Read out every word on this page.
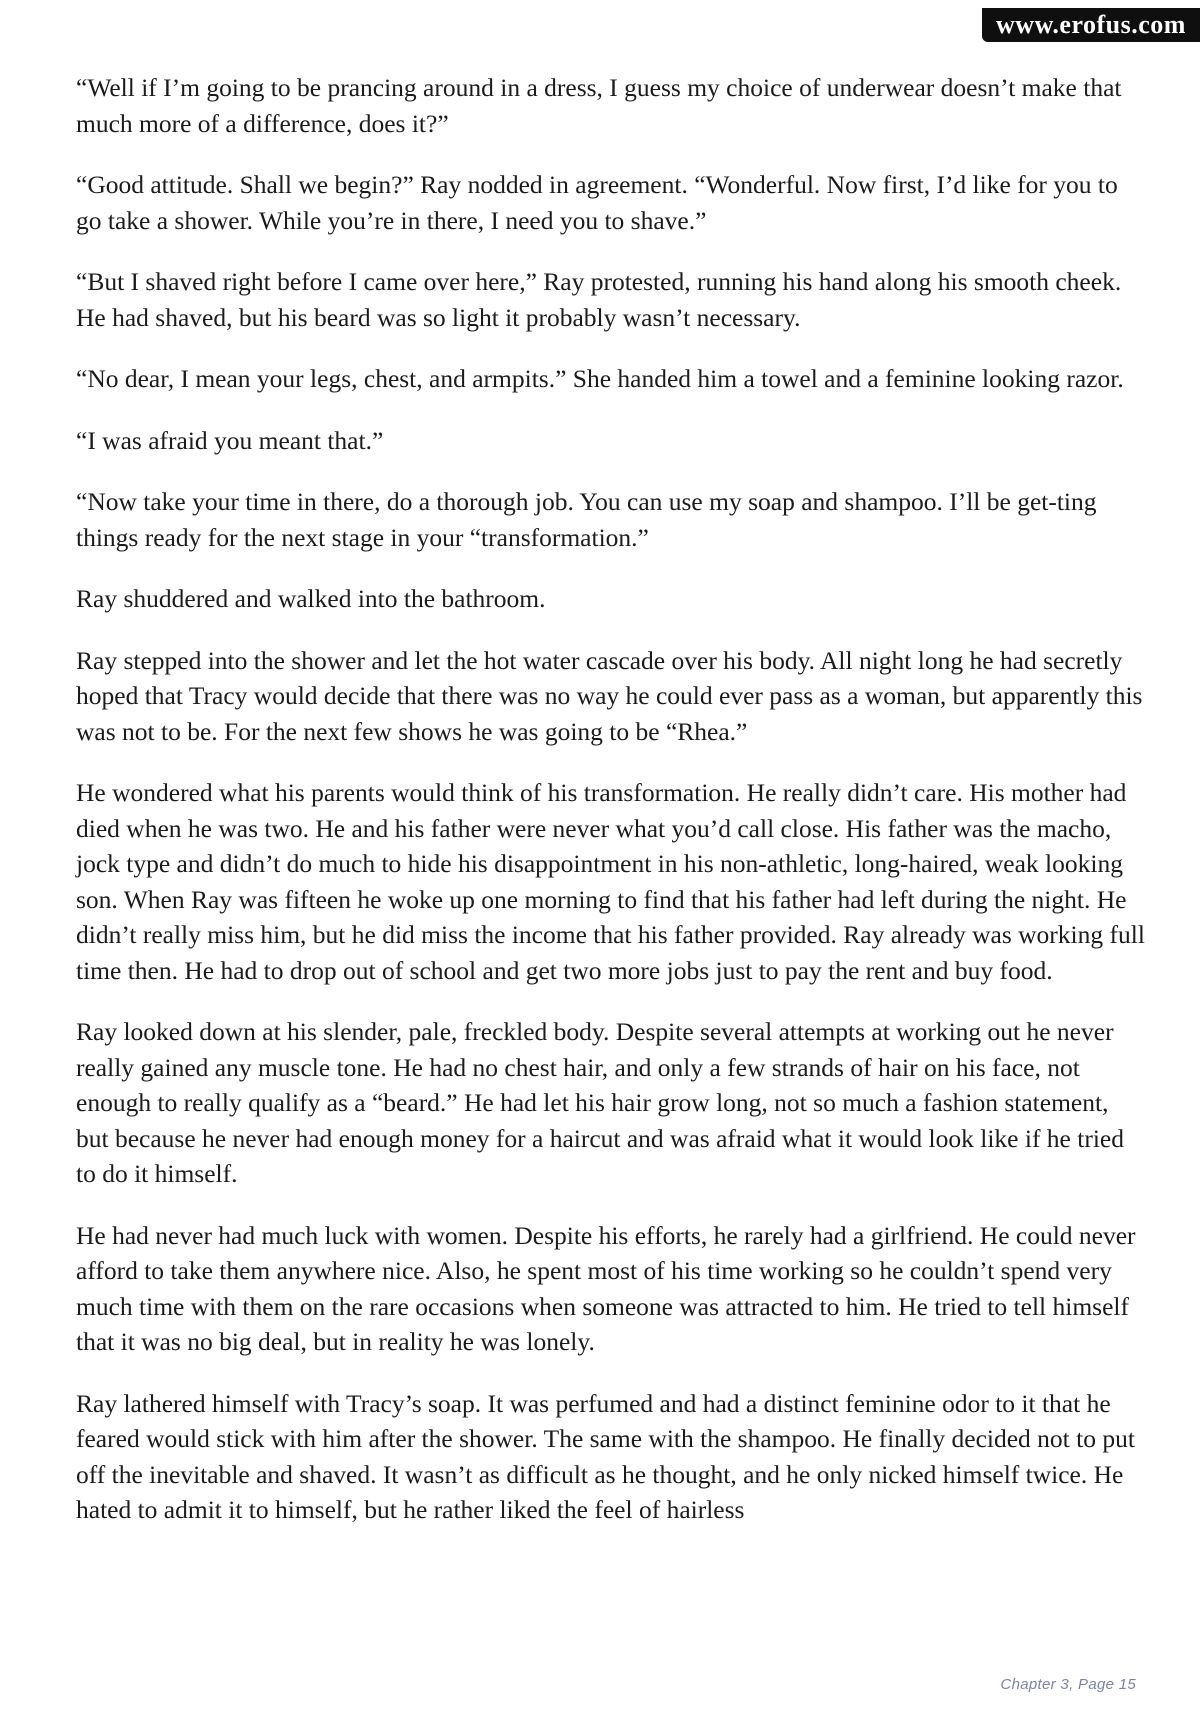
www.erofus.com

“Well if I’m going to be prancing around in a dress, I guess my choice of underwear doesn’t make that much more of a difference, does it?”

“Good attitude. Shall we begin?” Ray nodded in agreement. “Wonderful. Now first, I’d like for you to go take a shower. While you’re in there, I need you to shave.”

“But I shaved right before I came over here,” Ray protested, running his hand along his smooth cheek. He had shaved, but his beard was so light it probably wasn’t necessary.

“No dear, I mean your legs, chest, and armpits.” She handed him a towel and a feminine looking razor.

“I was afraid you meant that.”

“Now take your time in there, do a thorough job. You can use my soap and shampoo. I’ll be get-ting things ready for the next stage in your “transformation.”

Ray shuddered and walked into the bathroom.

Ray stepped into the shower and let the hot water cascade over his body. All night long he had secretly hoped that Tracy would decide that there was no way he could ever pass as a woman, but apparently this was not to be. For the next few shows he was going to be “Rhea.”

He wondered what his parents would think of his transformation. He really didn’t care. His mother had died when he was two. He and his father were never what you’d call close. His father was the macho, jock type and didn’t do much to hide his disappointment in his non-athletic, long-haired, weak looking son. When Ray was fifteen he woke up one morning to find that his father had left during the night. He didn’t really miss him, but he did miss the income that his father provided. Ray already was working full time then. He had to drop out of school and get two more jobs just to pay the rent and buy food.

Ray looked down at his slender, pale, freckled body. Despite several attempts at working out he never really gained any muscle tone. He had no chest hair, and only a few strands of hair on his face, not enough to really qualify as a “beard.” He had let his hair grow long, not so much a fashion statement, but because he never had enough money for a haircut and was afraid what it would look like if he tried to do it himself.

He had never had much luck with women. Despite his efforts, he rarely had a girlfriend. He could never afford to take them anywhere nice. Also, he spent most of his time working so he couldn’t spend very much time with them on the rare occasions when someone was attracted to him. He tried to tell himself that it was no big deal, but in reality he was lonely.

Ray lathered himself with Tracy’s soap. It was perfumed and had a distinct feminine odor to it that he feared would stick with him after the shower. The same with the shampoo. He finally decided not to put off the inevitable and shaved. It wasn’t as difficult as he thought, and he only nicked himself twice. He hated to admit it to himself, but he rather liked the feel of hairless

Chapter 3, Page 15
